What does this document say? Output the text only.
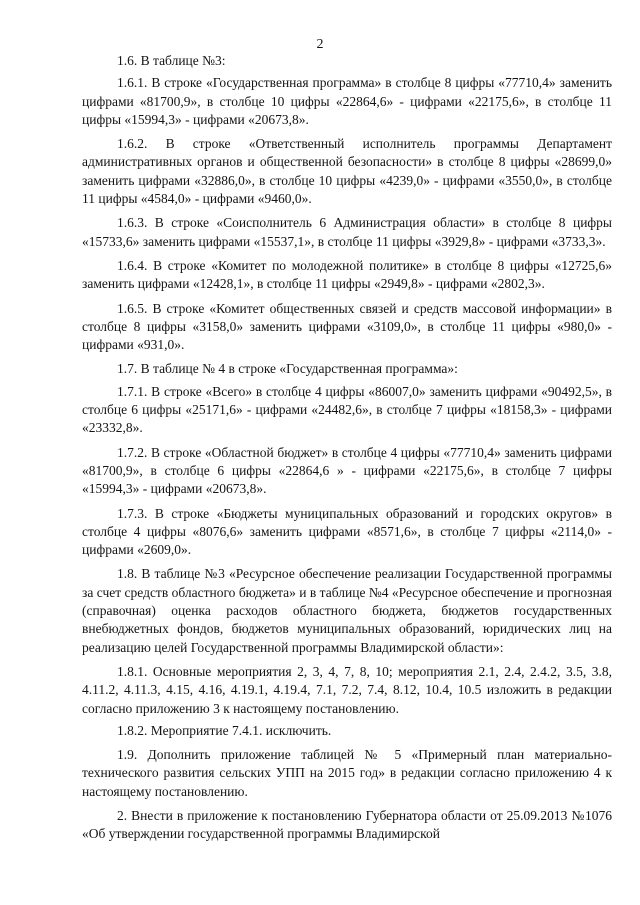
2

1.6. В таблице №3:

1.6.1. В строке «Государственная программа» в столбце 8 цифры «77710,4» заменить цифрами «81700,9», в столбце 10 цифры «22864,6» - цифрами «22175,6», в столбце 11 цифры «15994,3» - цифрами «20673,8».

1.6.2. В строке «Ответственный исполнитель программы Департамент административных органов и общественной безопасности» в столбце 8 цифры «28699,0» заменить цифрами «32886,0», в столбце 10 цифры «4239,0» - цифрами «3550,0», в столбце 11 цифры «4584,0» - цифрами «9460,0».

1.6.3. В строке «Соисполнитель 6 Администрация области» в столбце 8 цифры «15733,6» заменить цифрами «15537,1», в столбце 11 цифры «3929,8» - цифрами «3733,3».

1.6.4. В строке «Комитет по молодежной политике» в столбце 8 цифры «12725,6» заменить цифрами «12428,1», в столбце 11 цифры «2949,8» - цифрами «2802,3».

1.6.5. В строке «Комитет общественных связей и средств массовой информации» в столбце 8 цифры «3158,0» заменить цифрами «3109,0», в столбце 11 цифры «980,0» - цифрами «931,0».

1.7. В таблице № 4 в строке «Государственная программа»:

1.7.1. В строке «Всего» в столбце 4 цифры «86007,0» заменить цифрами «90492,5», в столбце 6 цифры «25171,6» - цифрами «24482,6», в столбце 7 цифры «18158,3» - цифрами «23332,8».

1.7.2. В строке «Областной бюджет» в столбце 4 цифры «77710,4» заменить цифрами «81700,9», в столбце 6 цифры «22864,6 » - цифрами «22175,6», в столбце 7 цифры «15994,3» - цифрами «20673,8».

1.7.3. В строке «Бюджеты муниципальных образований и городских округов» в столбце 4 цифры «8076,6» заменить цифрами «8571,6», в столбце 7 цифры «2114,0» - цифрами «2609,0».

1.8. В таблице №3 «Ресурсное обеспечение реализации Государственной программы за счет средств областного бюджета» и в таблице №4 «Ресурсное обеспечение и прогнозная (справочная) оценка расходов областного бюджета, бюджетов государственных внебюджетных фондов, бюджетов муниципальных образований, юридических лиц на реализацию целей Государственной программы Владимирской области»:

1.8.1. Основные мероприятия 2, 3, 4, 7, 8, 10; мероприятия 2.1, 2.4, 2.4.2, 3.5, 3.8, 4.11.2, 4.11.3, 4.15, 4.16, 4.19.1, 4.19.4, 7.1, 7.2, 7.4, 8.12, 10.4, 10.5 изложить в редакции согласно приложению 3 к настоящему постановлению.

1.8.2. Мероприятие 7.4.1. исключить.

1.9. Дополнить приложение таблицей № 5 «Примерный план материально-технического развития сельских УПП на 2015 год» в редакции согласно приложению 4 к настоящему постановлению.

2. Внести в приложение к постановлению Губернатора области от 25.09.2013 №1076 «Об утверждении государственной программы Владимирской
